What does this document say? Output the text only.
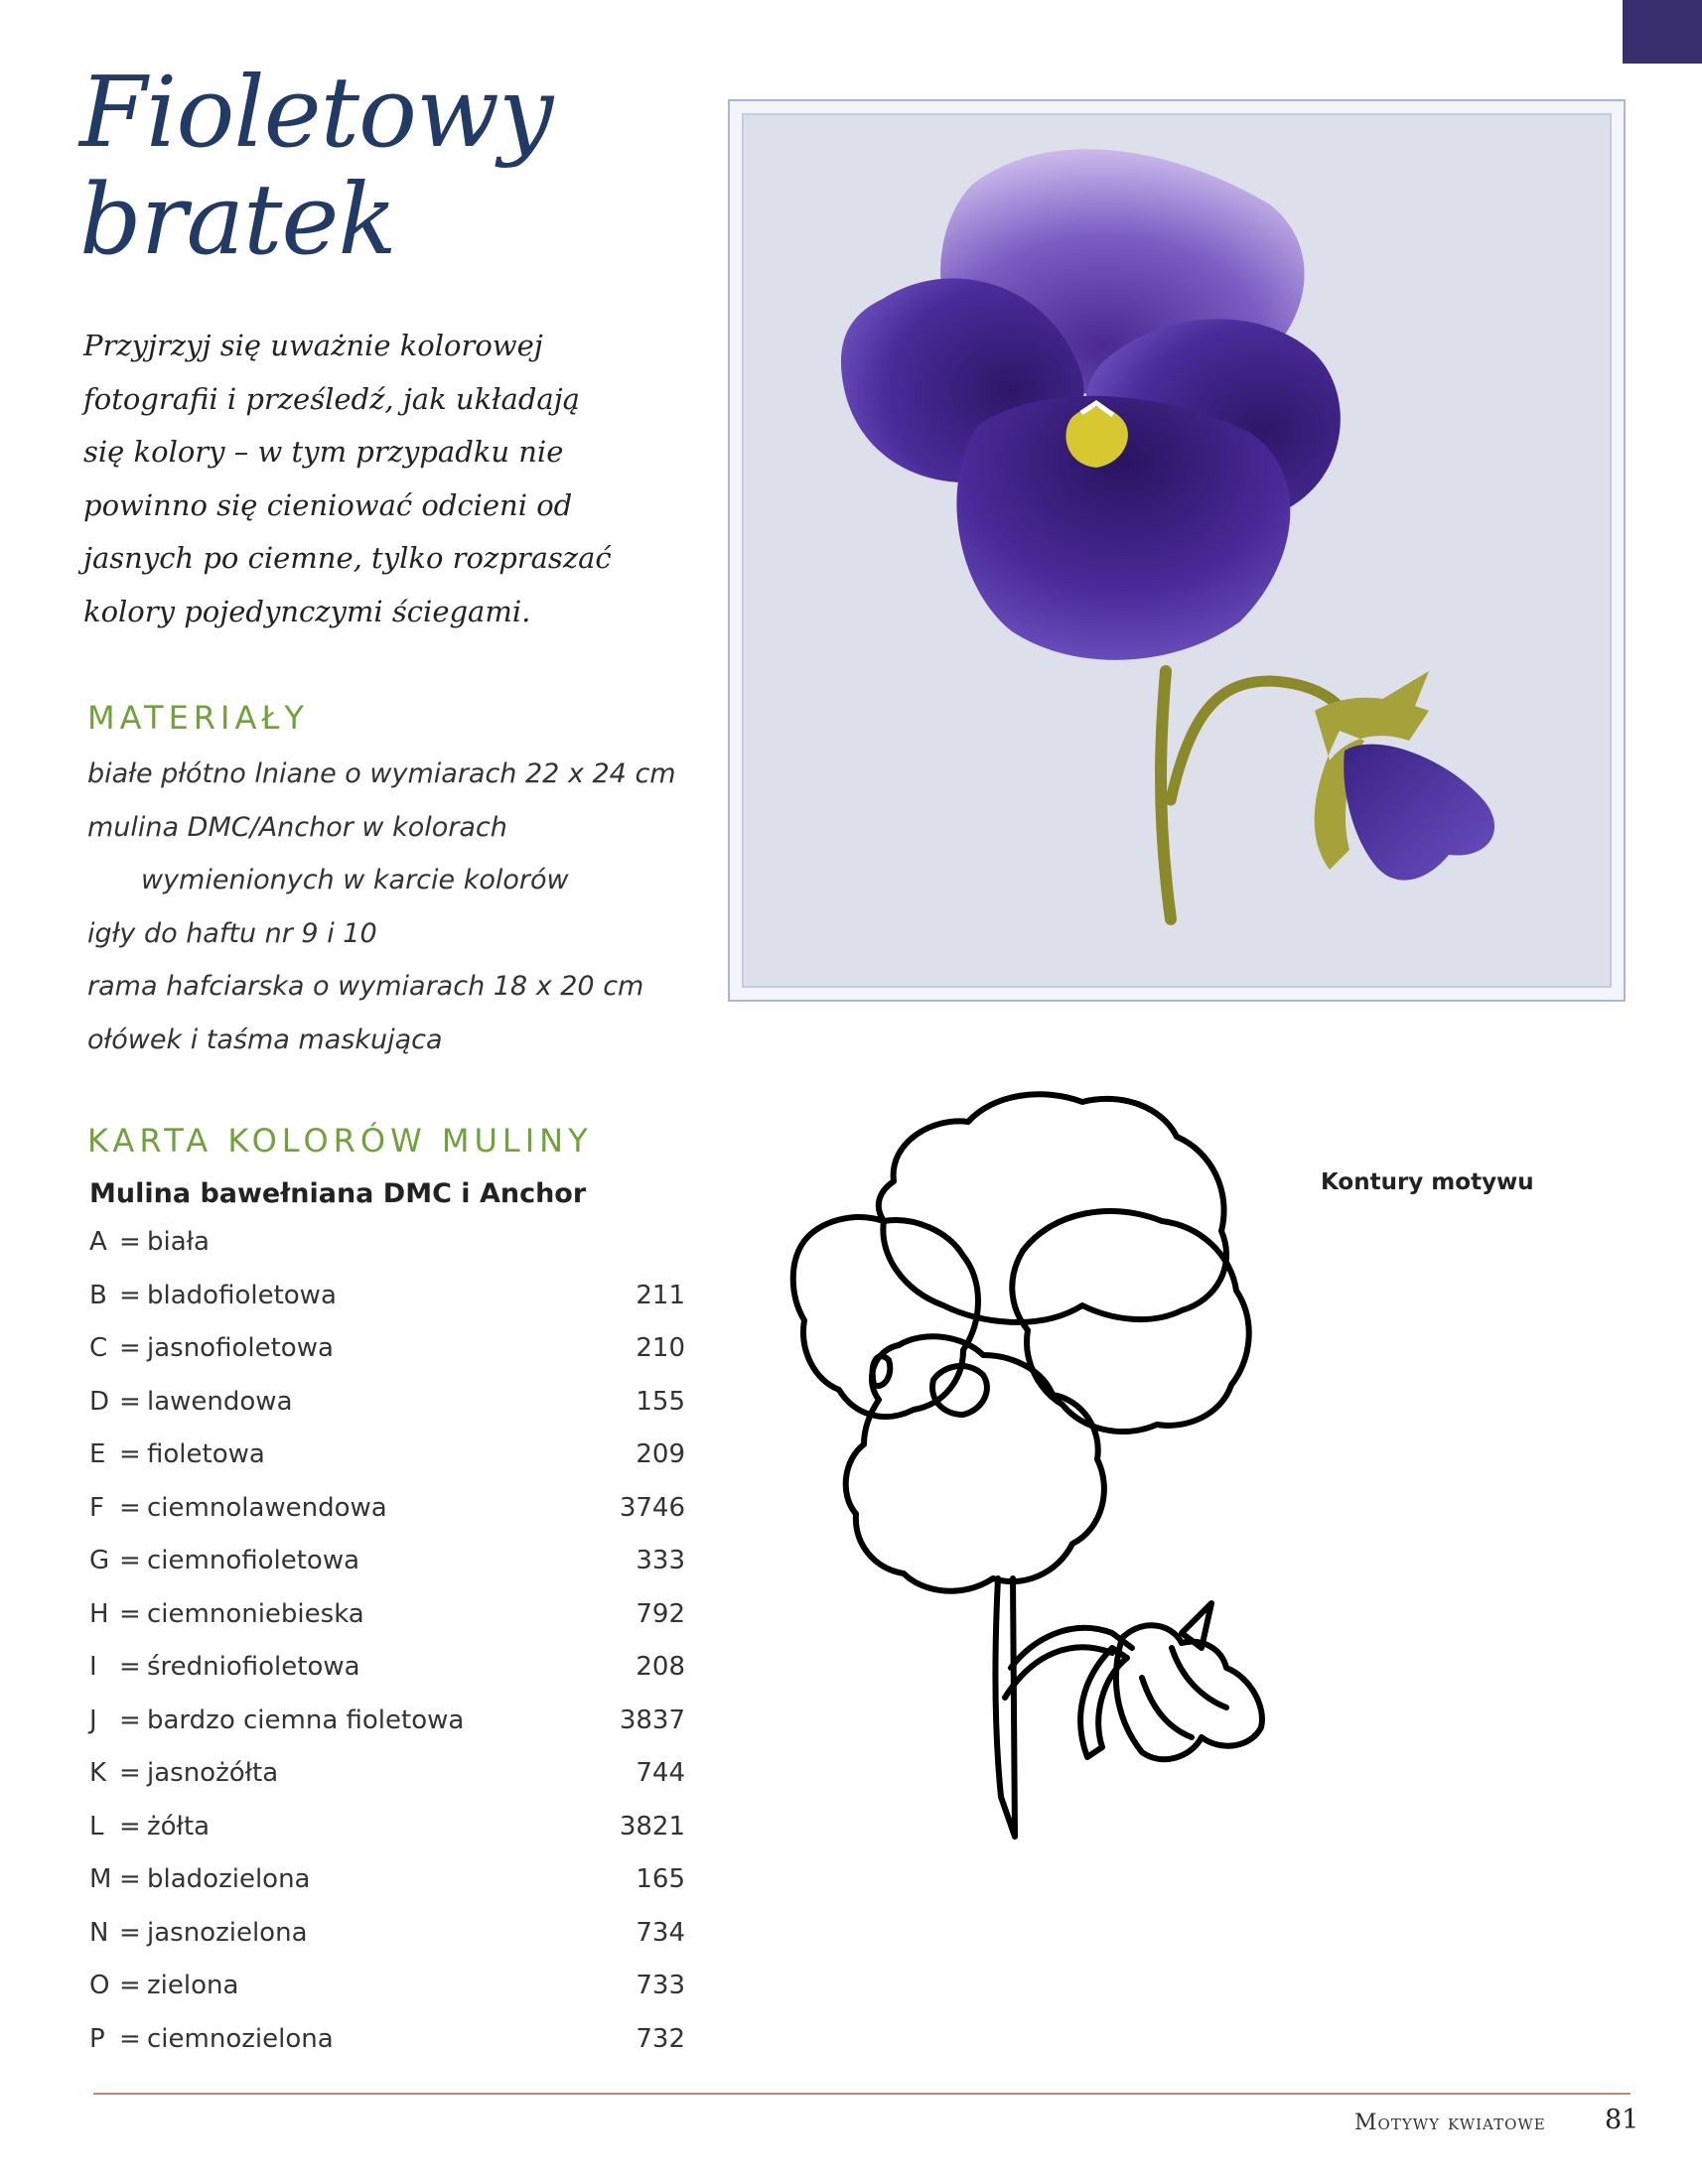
Fioletowy
bratek
Przyjrzyj się uważnie kolorowej
fotografii i prześledź, jak układają
się kolory – w tym przypadku nie
powinno się cieniować odcieni od
jasnych po ciemne, tylko rozpraszać
kolory pojedynczymi ściegami.
MATERIAŁY
białe płótno lniane o wymiarach 22 x 24 cm
mulina DMC/Anchor w kolorach
wymienionych w karcie kolorów
igły do haftu nr 9 i 10
rama hafciarska o wymiarach 18 x 20 cm
ołówek i taśma maskująca
KARTA KOLORÓW MULINY
Mulina bawełniana DMC i Anchor
A = biała
B = bladofioletowa	211
C = jasnofioletowa	210
D = lawendowa	155
E = fioletowa	209
F = ciemnolawendowa	3746
G = ciemnofioletowa	333
H = ciemnoniebieska	792
I = średniofioletowa	208
J = bardzo ciemna fioletowa	3837
K = jasnożółta	744
L = żółta	3821
M = bladozielona	165
N = jasnozielona	734
O = zielona	733
P = ciemnozielona	732
Kontury motywu
Motywy kwiatowe 81
